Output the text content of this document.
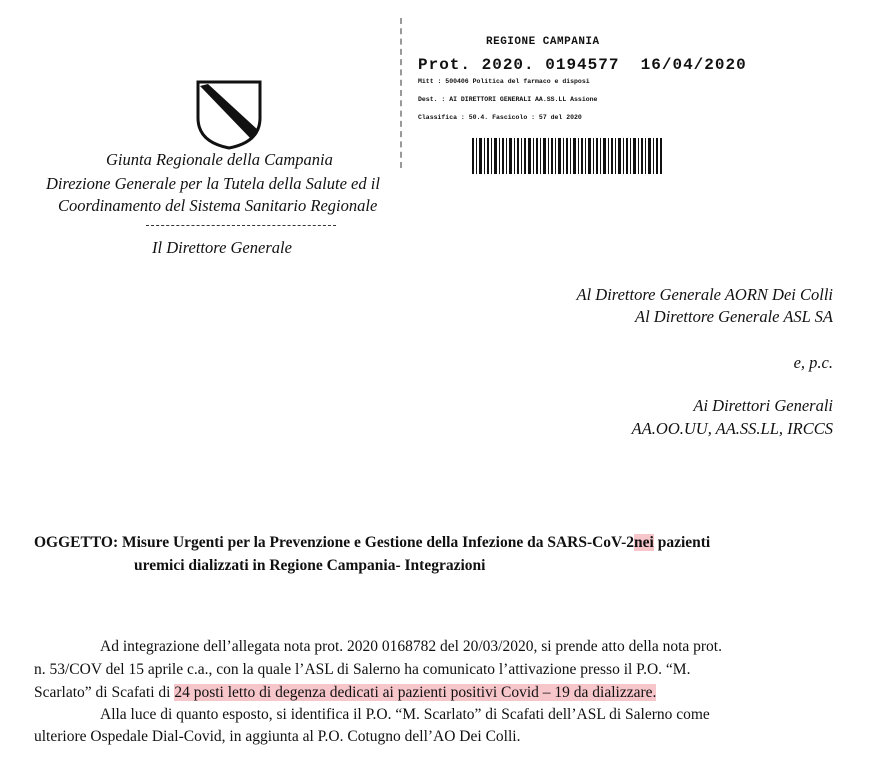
REGIONE CAMPANIA
Prot. 2020. 0194577 16/04/2020
Mitt : 500406 Politica del farmaco e disposi
Dest. : AI DIRETTORI GENERALI AA.SS.LL Assione
Classifica : 50.4. Fascicolo : 57 del 2020
Giunta Regionale della Campania
Direzione Generale per la Tutela della Salute ed il
Coordinamento del Sistema Sanitario Regionale
Il Direttore Generale
Al Direttore Generale AORN Dei Colli
Al Direttore Generale ASL SA
e, p.c.
Ai Direttori Generali
AA.OO.UU, AA.SS.LL, IRCCS
OGGETTO: Misure Urgenti per la Prevenzione e Gestione della Infezione da SARS-CoV-2nei pazienti
uremici dializzati in Regione Campania- Integrazioni
Ad integrazione dell’allegata nota prot. 2020 0168782 del 20/03/2020, si prende atto della nota prot.
n. 53/COV del 15 aprile c.a., con la quale l’ASL di Salerno ha comunicato l’attivazione presso il P.O. “M.
Scarlato” di Scafati di 24 posti letto di degenza dedicati ai pazienti positivi Covid – 19 da dializzare.
Alla luce di quanto esposto, si identifica il P.O. “M. Scarlato” di Scafati dell’ASL di Salerno come
ulteriore Ospedale Dial-Covid, in aggiunta al P.O. Cotugno dell’AO Dei Colli.
